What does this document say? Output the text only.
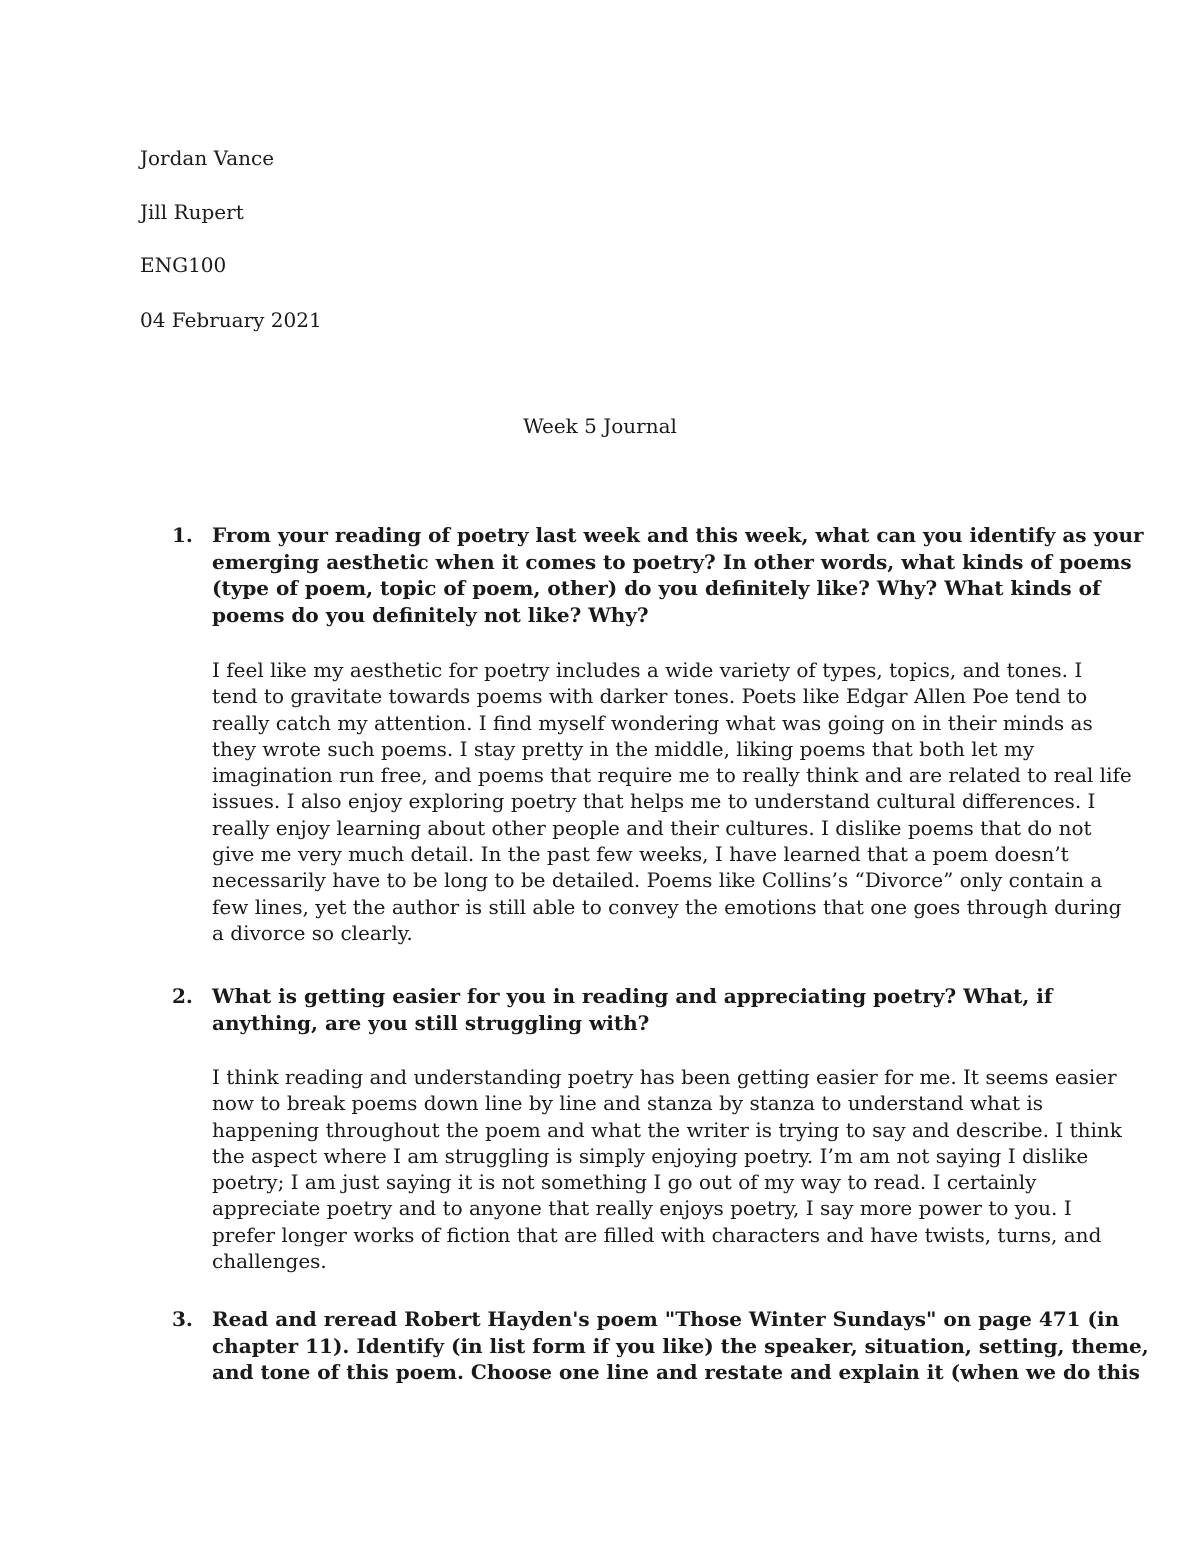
Jordan Vance
Jill Rupert
ENG100
04 February 2021
Week 5 Journal
1. From your reading of poetry last week and this week, what can you identify as your
emerging aesthetic when it comes to poetry? In other words, what kinds of poems
(type of poem, topic of poem, other) do you definitely like? Why? What kinds of
poems do you definitely not like? Why?
I feel like my aesthetic for poetry includes a wide variety of types, topics, and tones. I
tend to gravitate towards poems with darker tones. Poets like Edgar Allen Poe tend to
really catch my attention. I find myself wondering what was going on in their minds as
they wrote such poems. I stay pretty in the middle, liking poems that both let my
imagination run free, and poems that require me to really think and are related to real life
issues. I also enjoy exploring poetry that helps me to understand cultural differences. I
really enjoy learning about other people and their cultures. I dislike poems that do not
give me very much detail. In the past few weeks, I have learned that a poem doesn’t
necessarily have to be long to be detailed. Poems like Collins’s “Divorce” only contain a
few lines, yet the author is still able to convey the emotions that one goes through during
a divorce so clearly.
2. What is getting easier for you in reading and appreciating poetry? What, if
anything, are you still struggling with?
I think reading and understanding poetry has been getting easier for me. It seems easier
now to break poems down line by line and stanza by stanza to understand what is
happening throughout the poem and what the writer is trying to say and describe. I think
the aspect where I am struggling is simply enjoying poetry. I’m am not saying I dislike
poetry; I am just saying it is not something I go out of my way to read. I certainly
appreciate poetry and to anyone that really enjoys poetry, I say more power to you. I
prefer longer works of fiction that are filled with characters and have twists, turns, and
challenges.
3. Read and reread Robert Hayden's poem "Those Winter Sundays" on page 471 (in
chapter 11). Identify (in list form if you like) the speaker, situation, setting, theme,
and tone of this poem. Choose one line and restate and explain it (when we do this
